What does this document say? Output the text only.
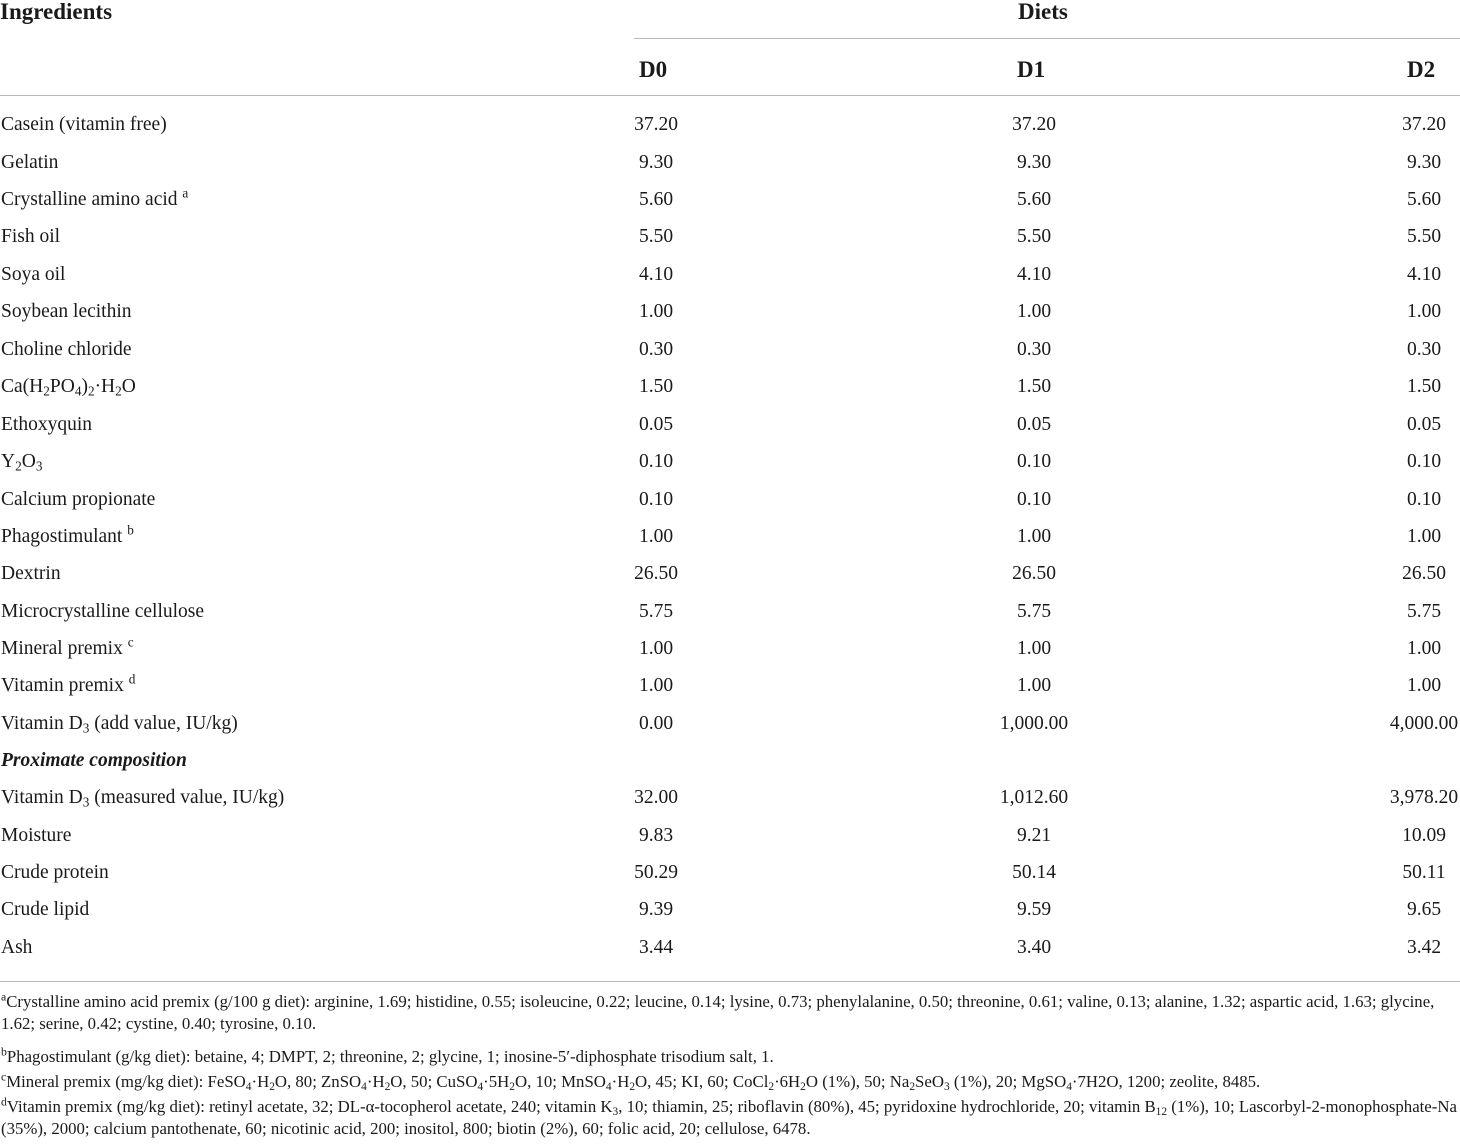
Ingredients	Diets
D0	D1	D2
Casein (vitamin free)	37.20	37.20	37.20
Gelatin	9.30	9.30	9.30
Crystalline amino acid $^a$	5.60	5.60	5.60
Fish oil	5.50	5.50	5.50
Soya oil	4.10	4.10	4.10
Soybean lecithin	1.00	1.00	1.00
Choline chloride	0.30	0.30	0.30
$Ca(H_2PO_4)_2\cdot H_2O$	1.50	1.50	1.50
Ethoxyquin	0.05	0.05	0.05
$Y_2O_3$	0.10	0.10	0.10
Calcium propionate	0.10	0.10	0.10
Phagostimulant $^b$	1.00	1.00	1.00
Dextrin	26.50	26.50	26.50
Microcrystalline cellulose	5.75	5.75	5.75
Mineral premix $^c$	1.00	1.00	1.00
Vitamin premix $^d$	1.00	1.00	1.00
Vitamin $D_3$ (add value, IU/kg)	0.00	1,000.00	4,000.00
Proximate composition
Vitamin $D_3$ (measured value, IU/kg)	32.00	1,012.60	3,978.20
Moisture	9.83	9.21	10.09
Crude protein	50.29	50.14	50.11
Crude lipid	9.39	9.59	9.65
Ash	3.44	3.40	3.42
$^a$Crystalline amino acid premix (g/100 g diet): arginine, 1.69; histidine, 0.55; isoleucine, 0.22; leucine, 0.14; lysine, 0.73; phenylalanine, 0.50; threonine, 0.61; valine, 0.13; alanine, 1.32; aspartic acid, 1.63; glycine, 1.62; serine, 0.42; cystine, 0.40; tyrosine, 0.10.
$^b$Phagostimulant (g/kg diet): betaine, 4; DMPT, 2; threonine, 2; glycine, 1; inosine-5′-diphosphate trisodium salt, 1.
$^c$Mineral premix (mg/kg diet): $FeSO_4\cdot H_2O$, 80; $ZnSO_4\cdot H_2O$, 50; $CuSO_4\cdot 5H_2O$, 10; $MnSO_4\cdot H_2O$, 45; KI, 60; $CoCl_2\cdot 6H_2O$ (1%), 50; $Na_2SeO_3$ (1%), 20; MgSO$_4$·7H2O, 1200; zeolite, 8485.
$^d$Vitamin premix (mg/kg diet): retinyl acetate, 32; DL-α-tocopherol acetate, 240; vitamin $K_3$, 10; thiamin, 25; riboflavin (80%), 45; pyridoxine hydrochloride, 20; vitamin $B_{12}$ (1%), 10; Lascorbyl-2-monophosphate-Na (35%), 2000; calcium pantothenate, 60; nicotinic acid, 200; inositol, 800; biotin (2%), 60; folic acid, 20; cellulose, 6478.
